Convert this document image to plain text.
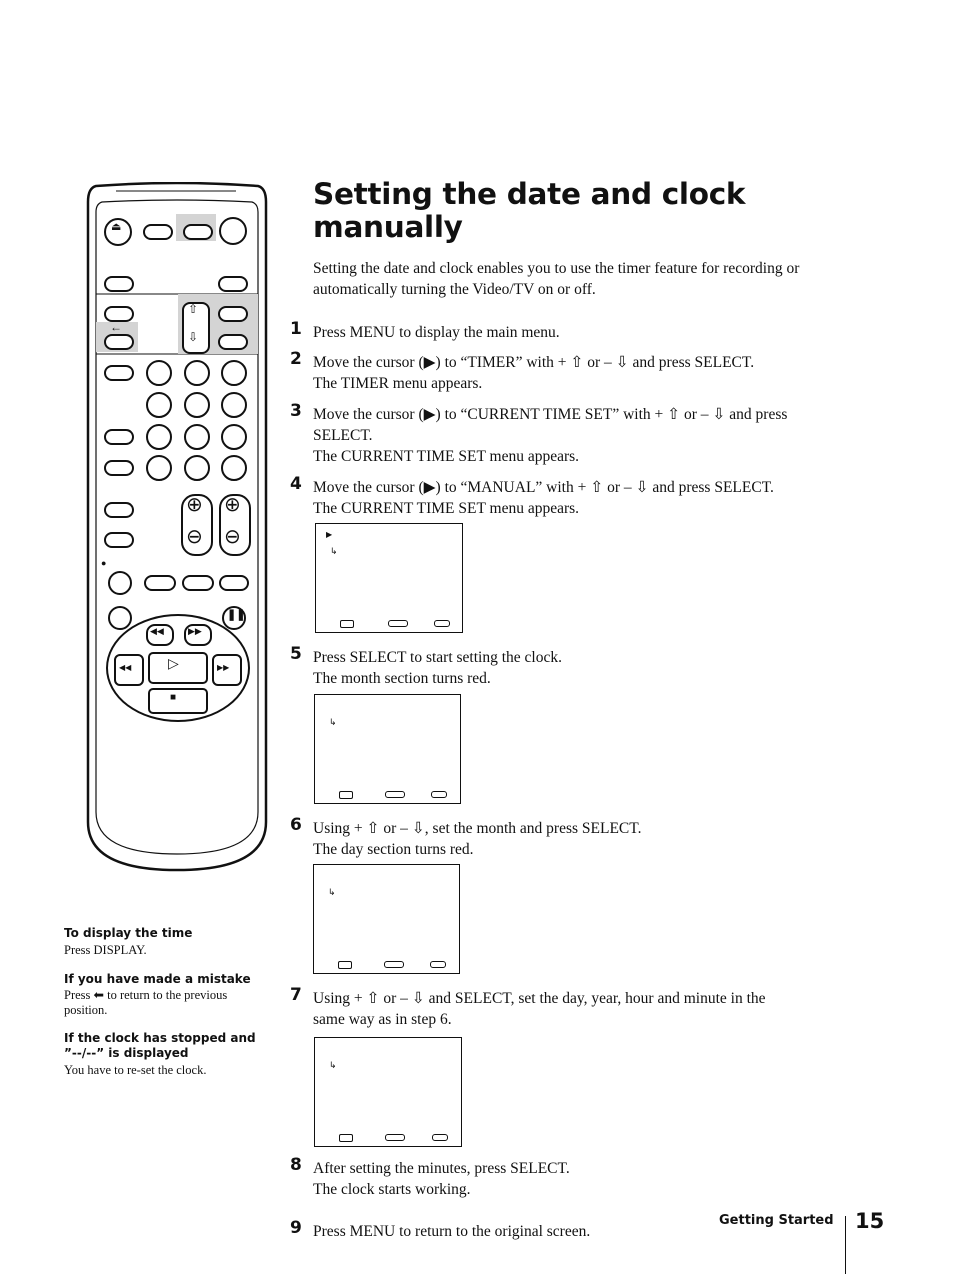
⏏
←
⇧
⇩
⊕
⊖
⊕
⊖
●
❚❚
◀◀	▶▶
◀◀	▷	▶▶
■
Setting the date and clock manually
Setting the date and clock enables you to use the timer feature for recording or automatically turning the Video/TV on or off.
1 Press MENU to display the main menu.
2 Move the cursor (▶) to “TIMER” with + ⇧ or – ⇩ and press SELECT.
The TIMER menu appears.
3 Move the cursor (▶) to “CURRENT TIME SET” with + ⇧ or – ⇩ and press
SELECT.
The CURRENT TIME SET menu appears.
4 Move the cursor (▶) to “MANUAL” with + ⇧ or – ⇩ and press SELECT.
The CURRENT TIME SET menu appears.
▶
↳
5 Press SELECT to start setting the clock.
The month section turns red.
↳
6 Using + ⇧ or – ⇩, set the month and press SELECT.
The day section turns red.
↳
7 Using + ⇧ or – ⇩ and SELECT, set the day, year, hour and minute in the
same way as in step 6.
↳
8 After setting the minutes, press SELECT.
The clock starts working.
9 Press MENU to return to the original screen.
To display the time
Press DISPLAY.
If you have made a mistake
Press ⬅ to return to the previous position.
If the clock has stopped and ”--/--” is displayed
You have to re-set the clock.
Getting Started 15
